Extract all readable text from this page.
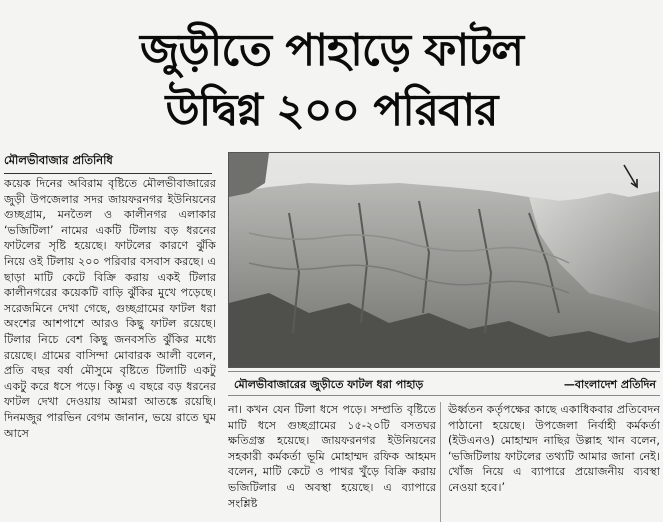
জুড়ীতে পাহাড়ে ফাটল
উদ্বিগ্ন ২০০ পরিবার
মৌলভীবাজার প্রতিনিধি

কয়েক দিনের অবিরাম বৃষ্টিতে মৌলভীবাজারের জুড়ী উপজেলার সদর জায়ফরনগর ইউনিয়নের গুচ্ছগ্রাম, মনতৈল ও কালীনগর এলাকার ‘ভজিটিলা’ নামের একটি টিলায় বড় ধরনের ফাটলের সৃষ্টি হয়েছে। ফাটলের কারণে ঝুঁকি নিয়ে ওই টিলায় ২০০ পরিবার বসবাস করছে। এ ছাড়া মাটি কেটে বিক্রি করায় একই টিলার কালীনগরের কয়েকটি বাড়ি ঝুঁকির মুখে পড়েছে। সরেজমিনে দেখা গেছে, গুচ্ছগ্রামের ফাটল ধরা অংশের আশপাশে আরও কিছু ফাটল রয়েছে। টিলার নিচে বেশ কিছু জনবসতি ঝুঁকির মধ্যে রয়েছে। গ্রামের বাসিন্দা মোবারক আলী বলেন, প্রতি বছর বর্ষা মৌসুমে বৃষ্টিতে টিলাটি একটু একটু করে ধসে পড়ে। কিন্তু এ বছরে বড় ধরনের ফাটল দেখা দেওয়ায় আমরা আতঙ্কে রয়েছি। দিনমজুর পারভিন বেগম জানান, ভয়ে রাতে ঘুম আসে

মৌলভীবাজারের জুড়ীতে ফাটল ধরা পাহাড়	—বাংলাদেশ প্রতিদিন

না। কখন যেন টিলা ধসে পড়ে। সম্প্রতি বৃষ্টিতে মাটি ধসে গুচ্ছগ্রামের ১৫-২০টি বসতঘর ক্ষতিগ্রস্ত হয়েছে। জায়ফরনগর ইউনিয়নের সহকারী কর্মকর্তা ভূমি মোহাম্মদ রফিক আহমদ বলেন, মাটি কেটে ও পাথর খুঁড়ে বিক্রি করায় ভজিটিলার এ অবস্থা হয়েছে। এ ব্যাপারে সংশ্লিষ্ট

ঊর্ধ্বতন কর্তৃপক্ষের কাছে একাধিকবার প্রতিবেদন পাঠানো হয়েছে। উপজেলা নির্বাহী কর্মকর্তা (ইউএনও) মোহাম্মদ নাছির উল্লাহ খান বলেন, ‘ভজিটিলায় ফাটলের তথ্যটি আমার জানা নেই। খোঁজ নিয়ে এ ব্যাপারে প্রয়োজনীয় ব্যবস্থা নেওয়া হবে।’
